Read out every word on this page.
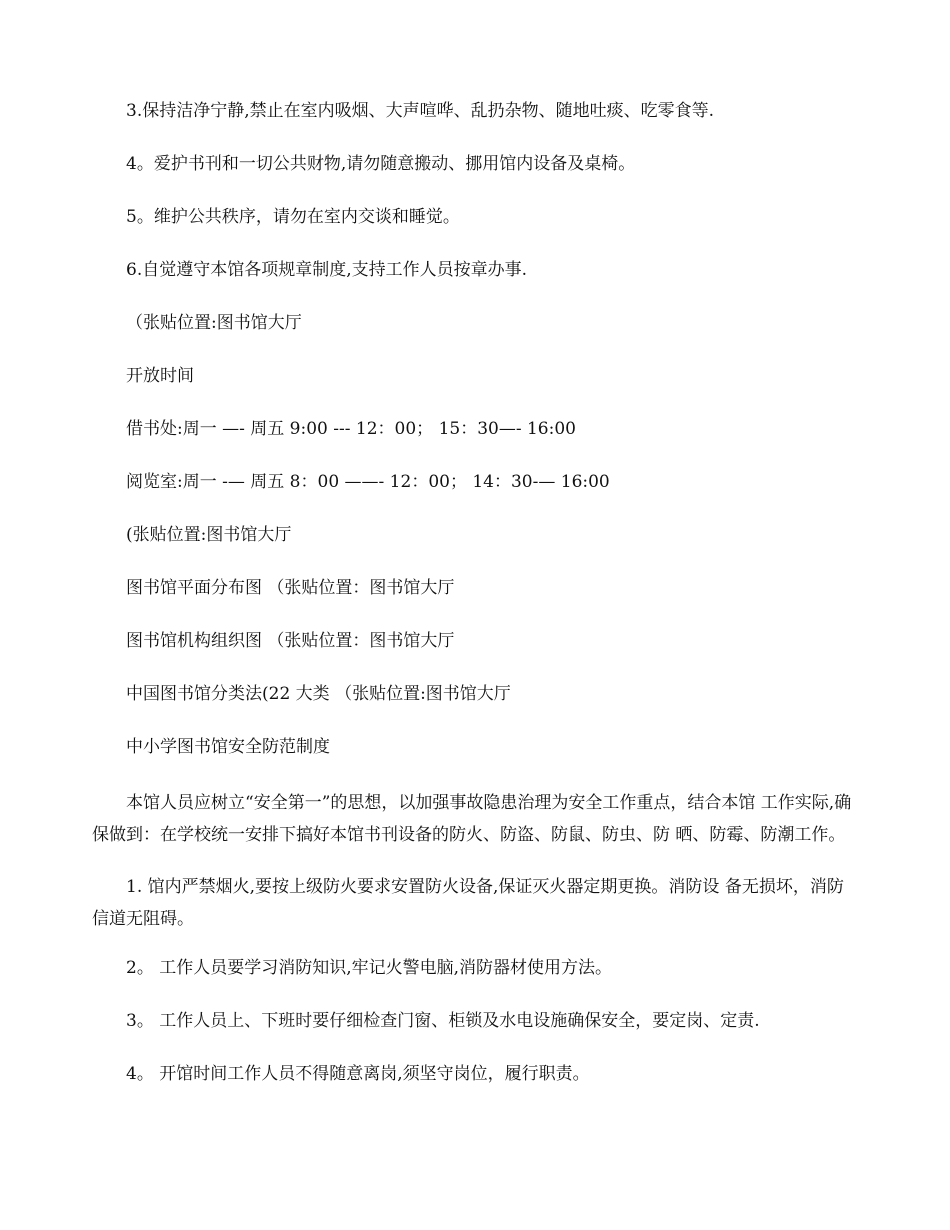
3.保持洁净宁静,禁止在室内吸烟、大声喧哗、乱扔杂物、随地吐痰、吃零食等.
4。爱护书刊和一切公共财物,请勿随意搬动、挪用馆内设备及桌椅。
5。维护公共秩序，请勿在室内交谈和睡觉。
6.自觉遵守本馆各项规章制度,支持工作人员按章办事.
（张贴位置:图书馆大厅
开放时间
借书处:周一 —- 周五 9:00 --- 12：00； 15：30—- 16:00
阅览室:周一 -— 周五 8：00 ——- 12：00； 14：30-— 16:00
(张贴位置:图书馆大厅
图书馆平面分布图 （张贴位置：图书馆大厅
图书馆机构组织图 （张贴位置：图书馆大厅
中国图书馆分类法(22 大类 （张贴位置:图书馆大厅
中小学图书馆安全防范制度
本馆人员应树立“安全第一”的思想，以加强事故隐患治理为安全工作重点，结合本馆 工作实际,确保做到：在学校统一安排下搞好本馆书刊设备的防火、防盗、防鼠、防虫、防 晒、防霉、防潮工作。
1. 馆内严禁烟火,要按上级防火要求安置防火设备,保证灭火器定期更换。消防设 备无损坏，消防信道无阻碍。
2。 工作人员要学习消防知识,牢记火警电脑,消防器材使用方法。
3。 工作人员上、下班时要仔细检查门窗、柜锁及水电设施确保安全，要定岗、定责.
4。 开馆时间工作人员不得随意离岗,须坚守岗位，履行职责。
